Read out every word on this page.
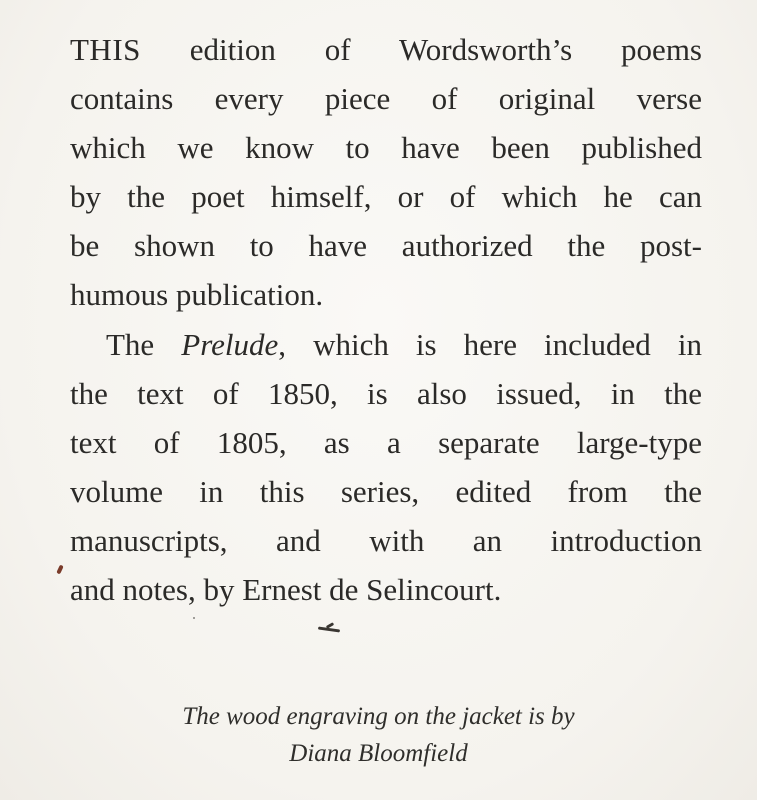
THIS edition of Wordsworth’s poems

contains every piece of original verse

which we know to have been published

by the poet himself, or of which he can

be shown to have authorized the post-

humous publication.

The Prelude, which is here included in

the text of 1850, is also issued, in the

text of 1805, as a separate large-type

volume in this series, edited from the

manuscripts, and with an introduction

and notes, by Ernest de Selincourt.

The wood engraving on the jacket is by

Diana Bloomfield
